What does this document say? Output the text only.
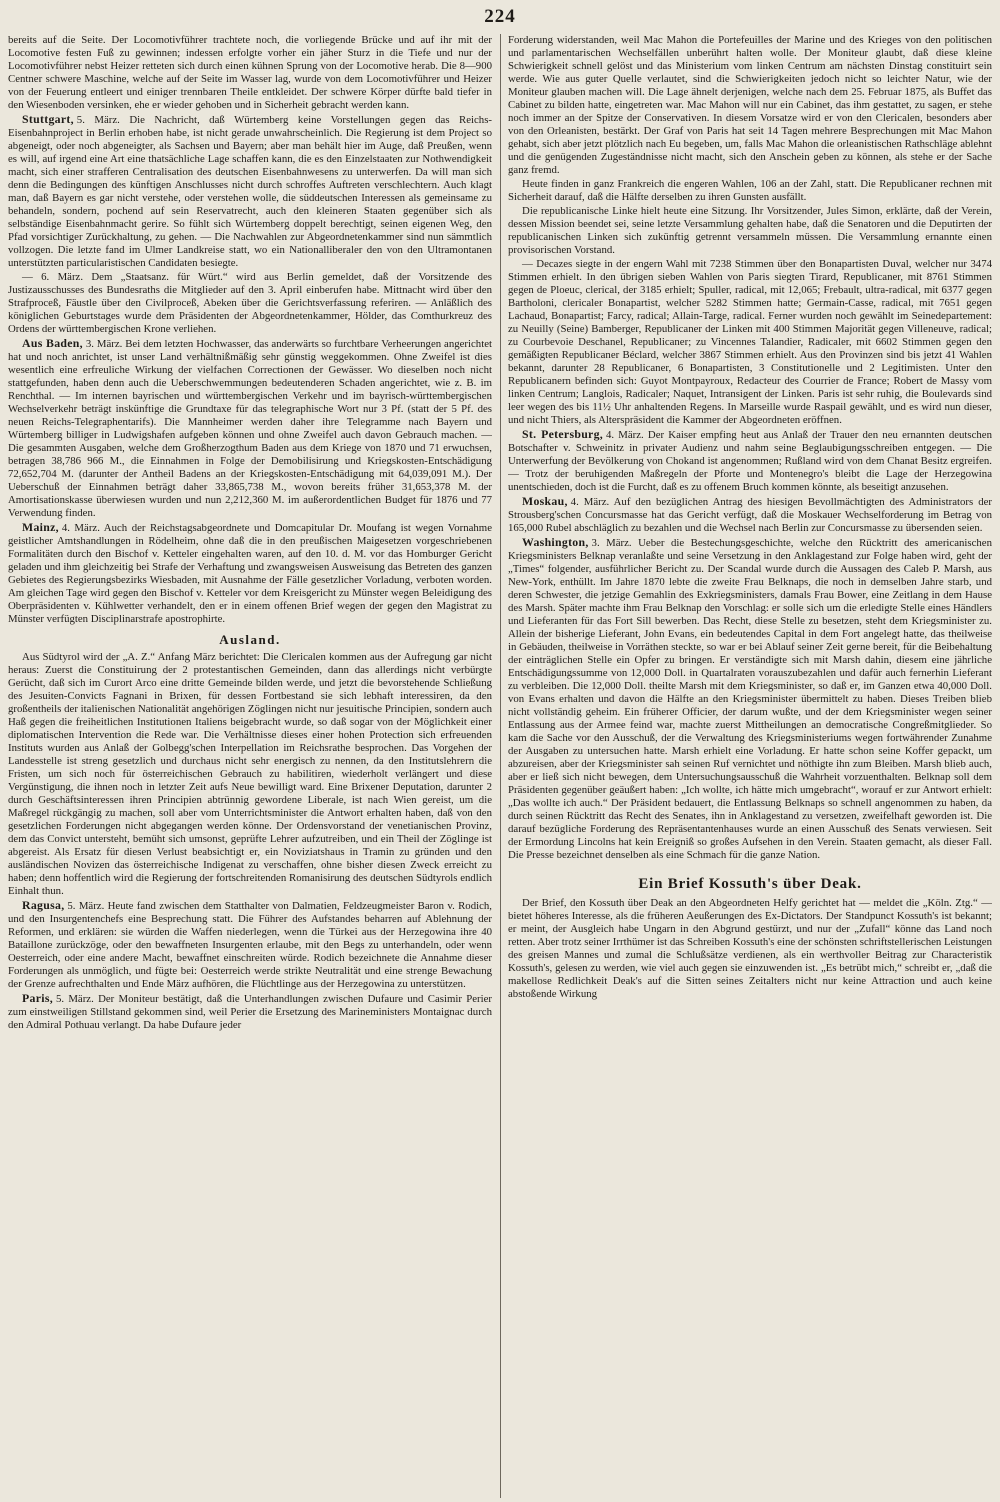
224

bereits auf die Seite. Der Locomotivführer trachtete noch, die vorliegende Brücke und auf ihr mit der Locomotive festen Fuß zu gewinnen; indessen erfolgte vorher ein jäher Sturz in die Tiefe und nur der Locomotivführer nebst Heizer retteten sich durch einen kühnen Sprung von der Locomotive herab. Die 8—900 Centner schwere Maschine, welche auf der Seite im Wasser lag, wurde von dem Locomotivführer und Heizer von der Feuerung entleert und einiger trennbaren Theile entkleidet. Der schwere Körper dürfte bald tiefer in den Wiesenboden versinken, ehe er wieder gehoben und in Sicherheit gebracht werden kann.

Stuttgart, 5. März. Die Nachricht, daß Würtemberg keine Vorstellungen gegen das Reichs-Eisenbahnproject in Berlin erhoben habe, ist nicht gerade unwahrscheinlich. Die Regierung ist dem Project so abgeneigt, oder noch abgeneigter, als Sachsen und Bayern; aber man behält hier im Auge, daß Preußen, wenn es will, auf irgend eine Art eine thatsächliche Lage schaffen kann, die es den Einzelstaaten zur Nothwendigkeit macht, sich einer strafferen Centralisation des deutschen Eisenbahnwesens zu unterwerfen. Da will man sich denn die Bedingungen des künftigen Anschlusses nicht durch schroffes Auftreten verschlechtern. Auch klagt man, daß Bayern es gar nicht verstehe, oder verstehen wolle, die süddeutschen Interessen als gemeinsame zu behandeln, sondern, pochend auf sein Reservatrecht, auch den kleineren Staaten gegenüber sich als selbständige Eisenbahnmacht gerire. So fühlt sich Würtemberg doppelt berechtigt, seinen eigenen Weg, den Pfad vorsichtiger Zurückhaltung, zu gehen. — Die Nachwahlen zur Abgeordnetenkammer sind nun sämmtlich vollzogen. Die letzte fand im Ulmer Landkreise statt, wo ein Nationalliberaler den von den Ultramontanen unterstützten particularistischen Candidaten besiegte.

— 6. März. Dem „Staatsanz. für Würt.“ wird aus Berlin gemeldet, daß der Vorsitzende des Justizausschusses des Bundesraths die Mitglieder auf den 3. April einberufen habe. Mittnacht wird über den Strafproceß, Fäustle über den Civilproceß, Abeken über die Gerichtsverfassung referiren. — Anläßlich des königlichen Geburtstages wurde dem Präsidenten der Abgeordnetenkammer, Hölder, das Comthurkreuz des Ordens der württembergischen Krone verliehen.

Aus Baden, 3. März. Bei dem letzten Hochwasser, das anderwärts so furchtbare Verheerungen angerichtet hat und noch anrichtet, ist unser Land verhältnißmäßig sehr günstig weggekommen. Ohne Zweifel ist dies wesentlich eine erfreuliche Wirkung der vielfachen Correctionen der Gewässer. Wo dieselben noch nicht stattgefunden, haben denn auch die Ueberschwemmungen bedeutenderen Schaden angerichtet, wie z. B. im Renchthal. — Im internen bayrischen und württembergischen Verkehr und im bayrisch-württembergischen Wechselverkehr beträgt inskünftige die Grundtaxe für das telegraphische Wort nur 3 Pf. (statt der 5 Pf. des neuen Reichs-Telegraphentarifs). Die Mannheimer werden daher ihre Telegramme nach Bayern und Würtemberg billiger in Ludwigshafen aufgeben können und ohne Zweifel auch davon Gebrauch machen. — Die gesammten Ausgaben, welche dem Großherzogthum Baden aus dem Kriege von 1870 und 71 erwuchsen, betragen 38,786 966 M., die Einnahmen in Folge der Demobilisirung und Kriegskosten-Entschädigung 72,652,704 M. (darunter der Antheil Badens an der Kriegskosten-Entschädigung mit 64,039,091 M.). Der Ueberschuß der Einnahmen beträgt daher 33,865,738 M., wovon bereits früher 31,653,378 M. der Amortisationskasse überwiesen wurden und nun 2,212,360 M. im außerordentlichen Budget für 1876 und 77 Verwendung finden.

Mainz, 4. März. Auch der Reichstagsabgeordnete und Domcapitular Dr. Moufang ist wegen Vornahme geistlicher Amtshandlungen in Rödelheim, ohne daß die in den preußischen Maigesetzen vorgeschriebenen Formalitäten durch den Bischof v. Ketteler eingehalten waren, auf den 10. d. M. vor das Homburger Gericht geladen und ihm gleichzeitig bei Strafe der Verhaftung und zwangsweisen Ausweisung das Betreten des ganzen Gebietes des Regierungsbezirks Wiesbaden, mit Ausnahme der Fälle gesetzlicher Vorladung, verboten worden. Am gleichen Tage wird gegen den Bischof v. Ketteler vor dem Kreisgericht zu Münster wegen Beleidigung des Oberpräsidenten v. Kühlwetter verhandelt, den er in einem offenen Brief wegen der gegen den Magistrat zu Münster verfügten Disciplinarstrafe apostrophirte.

Ausland.

Aus Südtyrol wird der „A. Z.“ Anfang März berichtet: Die Clericalen kommen aus der Aufregung gar nicht heraus: Zuerst die Constituirung der 2 protestantischen Gemeinden, dann das allerdings nicht verbürgte Gerücht, daß sich im Curort Arco eine dritte Gemeinde bilden werde, und jetzt die bevorstehende Schließung des Jesuiten-Convicts Fagnani in Brixen, für dessen Fortbestand sie sich lebhaft interessiren, da den großentheils der italienischen Nationalität angehörigen Zöglingen nicht nur jesuitische Principien, sondern auch Haß gegen die freiheitlichen Institutionen Italiens beigebracht wurde, so daß sogar von der Möglichkeit einer diplomatischen Intervention die Rede war. Die Verhältnisse dieses einer hohen Protection sich erfreuenden Instituts wurden aus Anlaß der Golbegg'schen Interpellation im Reichsrathe besprochen. Das Vorgehen der Landesstelle ist streng gesetzlich und durchaus nicht sehr energisch zu nennen, da den Institutslehrern die Fristen, um sich noch für österreichischen Gebrauch zu habilitiren, wiederholt verlängert und diese Vergünstigung, die ihnen noch in letzter Zeit aufs Neue bewilligt ward. Eine Brixener Deputation, darunter 2 durch Geschäftsinteressen ihren Principien abtrünnig gewordene Liberale, ist nach Wien gereist, um die Maßregel rückgängig zu machen, soll aber vom Unterrichtsminister die Antwort erhalten haben, daß von den gesetzlichen Forderungen nicht abgegangen werden könne. Der Ordensvorstand der venetianischen Provinz, dem das Convict untersteht, bemüht sich umsonst, geprüfte Lehrer aufzutreiben, und ein Theil der Zöglinge ist abgereist. Als Ersatz für diesen Verlust beabsichtigt er, ein Noviziatshaus in Tramin zu gründen und den ausländischen Novizen das österreichische Indigenat zu verschaffen, ohne bisher diesen Zweck erreicht zu haben; denn hoffentlich wird die Regierung der fortschreitenden Romanisirung des deutschen Südtyrols endlich Einhalt thun.

Ragusa, 5. März. Heute fand zwischen dem Statthalter von Dalmatien, Feldzeugmeister Baron v. Rodich, und den Insurgentenchefs eine Besprechung statt. Die Führer des Aufstandes beharren auf Ablehnung der Reformen, und erklären: sie würden die Waffen niederlegen, wenn die Türkei aus der Herzegowina ihre 40 Bataillone zurückzöge, oder den bewaffneten Insurgenten erlaube, mit den Begs zu unterhandeln, oder wenn Oesterreich, oder eine andere Macht, bewaffnet einschreiten würde. Rodich bezeichnete die Annahme dieser Forderungen als unmöglich, und fügte bei: Oesterreich werde strikte Neutralität und eine strenge Bewachung der Grenze aufrechthalten und Ende März aufhören, die Flüchtlinge aus der Herzegowina zu unterstützen.

Paris, 5. März. Der Moniteur bestätigt, daß die Unterhandlungen zwischen Dufaure und Casimir Perier zum einstweiligen Stillstand gekommen sind, weil Perier die Ersetzung des Marineministers Montaignac durch den Admiral Pothuau verlangt. Da habe Dufaure jeder

Forderung widerstanden, weil Mac Mahon die Portefeuilles der Marine und des Krieges von den politischen und parlamentarischen Wechselfällen unberührt halten wolle. Der Moniteur glaubt, daß diese kleine Schwierigkeit schnell gelöst und das Ministerium vom linken Centrum am nächsten Dinstag constituirt sein werde. Wie aus guter Quelle verlautet, sind die Schwierigkeiten jedoch nicht so leichter Natur, wie der Moniteur glauben machen will. Die Lage ähnelt derjenigen, welche nach dem 25. Februar 1875, als Buffet das Cabinet zu bilden hatte, eingetreten war. Mac Mahon will nur ein Cabinet, das ihm gestattet, zu sagen, er stehe noch immer an der Spitze der Conservativen. In diesem Vorsatze wird er von den Clericalen, besonders aber von den Orleanisten, bestärkt. Der Graf von Paris hat seit 14 Tagen mehrere Besprechungen mit Mac Mahon gehabt, sich aber jetzt plötzlich nach Eu begeben, um, falls Mac Mahon die orleanistischen Rathschläge ablehnt und die genügenden Zugeständnisse nicht macht, sich den Anschein geben zu können, als stehe er der Sache ganz fremd.

Heute finden in ganz Frankreich die engeren Wahlen, 106 an der Zahl, statt. Die Republicaner rechnen mit Sicherheit darauf, daß die Hälfte derselben zu ihren Gunsten ausfällt.

Die republicanische Linke hielt heute eine Sitzung. Ihr Vorsitzender, Jules Simon, erklärte, daß der Verein, dessen Mission beendet sei, seine letzte Versammlung gehalten habe, daß die Senatoren und die Deputirten der republicanischen Linken sich zukünftig getrennt versammeln müssen. Die Versammlung ernannte einen provisorischen Vorstand.

— Decazes siegte in der engern Wahl mit 7238 Stimmen über den Bonapartisten Duval, welcher nur 3474 Stimmen erhielt. In den übrigen sieben Wahlen von Paris siegten Tirard, Republicaner, mit 8761 Stimmen gegen de Ploeuc, clerical, der 3185 erhielt; Spuller, radical, mit 12,065; Frebault, ultra-radical, mit 6377 gegen Bartholoni, clericaler Bonapartist, welcher 5282 Stimmen hatte; Germain-Casse, radical, mit 7651 gegen Lachaud, Bonapartist; Farcy, radical; Allain-Targe, radical. Ferner wurden noch gewählt im Seinedepartement: zu Neuilly (Seine) Bamberger, Republicaner der Linken mit 400 Stimmen Majorität gegen Villeneuve, radical; zu Courbevoie Deschanel, Republicaner; zu Vincennes Talandier, Radicaler, mit 6602 Stimmen gegen den gemäßigten Republicaner Béclard, welcher 3867 Stimmen erhielt. Aus den Provinzen sind bis jetzt 41 Wahlen bekannt, darunter 28 Republicaner, 6 Bonapartisten, 3 Constitutionelle und 2 Legitimisten. Unter den Republicanern befinden sich: Guyot Montpayroux, Redacteur des Courrier de France; Robert de Massy vom linken Centrum; Langlois, Radicaler; Naquet, Intransigent der Linken. Paris ist sehr ruhig, die Boulevards sind leer wegen des bis 11½ Uhr anhaltenden Regens. In Marseille wurde Raspail gewählt, und es wird nun dieser, und nicht Thiers, als Alterspräsident die Kammer der Abgeordneten eröffnen.

St. Petersburg, 4. März. Der Kaiser empfing heut aus Anlaß der Trauer den neu ernannten deutschen Botschafter v. Schweinitz in privater Audienz und nahm seine Beglaubigungsschreiben entgegen. — Die Unterwerfung der Bevölkerung von Chokand ist angenommen; Rußland wird von dem Chanat Besitz ergreifen. — Trotz der beruhigenden Maßregeln der Pforte und Montenegro's bleibt die Lage der Herzegowina unentschieden, doch ist die Furcht, daß es zu offenem Bruch kommen könnte, als beseitigt anzusehen.

Moskau, 4. März. Auf den bezüglichen Antrag des hiesigen Bevollmächtigten des Administrators der Strousberg'schen Concursmasse hat das Gericht verfügt, daß die Moskauer Wechselforderung im Betrag von 165,000 Rubel abschläglich zu bezahlen und die Wechsel nach Berlin zur Concursmasse zu übersenden seien.

Washington, 3. März. Ueber die Bestechungsgeschichte, welche den Rücktritt des americanischen Kriegsministers Belknap veranlaßte und seine Versetzung in den Anklagestand zur Folge haben wird, geht der „Times“ folgender, ausführlicher Bericht zu. Der Scandal wurde durch die Aussagen des Caleb P. Marsh, aus New-York, enthüllt. Im Jahre 1870 lebte die zweite Frau Belknaps, die noch in demselben Jahre starb, und deren Schwester, die jetzige Gemahlin des Exkriegsministers, damals Frau Bower, eine Zeitlang in dem Hause des Marsh. Später machte ihm Frau Belknap den Vorschlag: er solle sich um die erledigte Stelle eines Händlers und Lieferanten für das Fort Sill bewerben. Das Recht, diese Stelle zu besetzen, steht dem Kriegsminister zu. Allein der bisherige Lieferant, John Evans, ein bedeutendes Capital in dem Fort angelegt hatte, das theilweise in Gebäuden, theilweise in Vorräthen steckte, so war er bei Ablauf seiner Zeit gerne bereit, für die Beibehaltung der einträglichen Stelle ein Opfer zu bringen. Er verständigte sich mit Marsh dahin, diesem eine jährliche Entschädigungssumme von 12,000 Doll. in Quartalraten vorauszubezahlen und dafür auch fernerhin Lieferant zu verbleiben. Die 12,000 Doll. theilte Marsh mit dem Kriegsminister, so daß er, im Ganzen etwa 40,000 Doll. von Evans erhalten und davon die Hälfte an den Kriegsminister übermittelt zu haben. Dieses Treiben blieb nicht vollständig geheim. Ein früherer Officier, der darum wußte, und der dem Kriegsminister wegen seiner Entlassung aus der Armee feind war, machte zuerst Mittheilungen an democratische Congreßmitglieder. So kam die Sache vor den Ausschuß, der die Verwaltung des Kriegsministeriums wegen fortwährender Zunahme der Ausgaben zu untersuchen hatte. Marsh erhielt eine Vorladung. Er hatte schon seine Koffer gepackt, um abzureisen, aber der Kriegsminister sah seinen Ruf vernichtet und nöthigte ihn zum Bleiben. Marsh blieb auch, aber er ließ sich nicht bewegen, dem Untersuchungsausschuß die Wahrheit vorzuenthalten. Belknap soll dem Präsidenten gegenüber geäußert haben: „Ich wollte, ich hätte mich umgebracht“, worauf er zur Antwort erhielt: „Das wollte ich auch.“ Der Präsident bedauert, die Entlassung Belknaps so schnell angenommen zu haben, da durch seinen Rücktritt das Recht des Senates, ihn in Anklagestand zu versetzen, zweifelhaft geworden ist. Die darauf bezügliche Forderung des Repräsentantenhauses wurde an einen Ausschuß des Senats verwiesen. Seit der Ermordung Lincolns hat kein Ereigniß so großes Aufsehen in den Verein. Staaten gemacht, als dieser Fall. Die Presse bezeichnet denselben als eine Schmach für die ganze Nation.

Ein Brief Kossuth's über Deak.

Der Brief, den Kossuth über Deak an den Abgeordneten Helfy gerichtet hat — meldet die „Köln. Ztg.“ — bietet höheres Interesse, als die früheren Aeußerungen des Ex-Dictators. Der Standpunct Kossuth's ist bekannt; er meint, der Ausgleich habe Ungarn in den Abgrund gestürzt, und nur der „Zufall“ könne das Land noch retten. Aber trotz seiner Irrthümer ist das Schreiben Kossuth's eine der schönsten schriftstellerischen Leistungen des greisen Mannes und zumal die Schlußsätze verdienen, als ein werthvoller Beitrag zur Characteristik Kossuth's, gelesen zu werden, wie viel auch gegen sie einzuwenden ist. „Es betrübt mich,“ schreibt er, „daß die makellose Redlichkeit Deak's auf die Sitten seines Zeitalters nicht nur keine Attraction und auch keine abstoßende Wirkung
